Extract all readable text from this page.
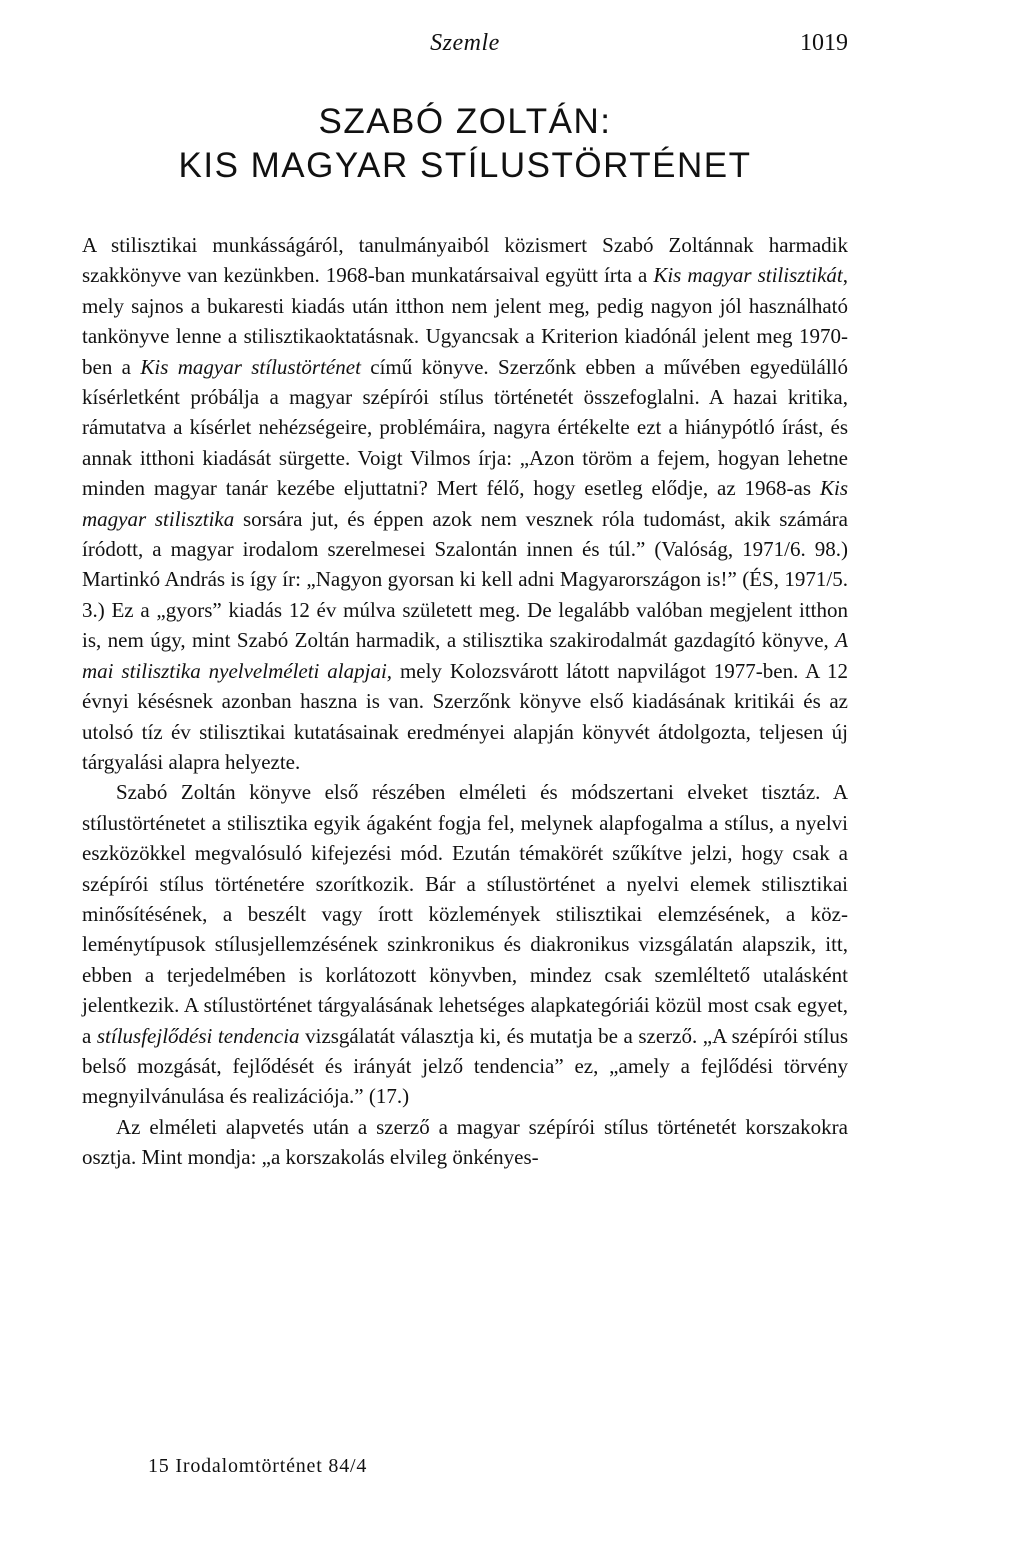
Szemle	1019
SZABÓ ZOLTÁN:
KIS MAGYAR STÍLUSTÖRTÉNET

A stilisztikai munkásságáról, tanulmányaiból közismert Szabó Zoltánnak harmadik szakkönyve van kezünkben. 1968-ban munkatársaival együtt írta a Kis magyar stilisztikát, mely sajnos a bukaresti kiadás után itthon nem jelent meg, pedig nagyon jól használható tankönyve lenne a stilisztikaoktatásnak. Ugyancsak a Kriterion kiadónál jelent meg 1970ben a Kis magyar stílustörténet című könyve. Szerzőnk ebben a művében egyedülálló kísérletként próbálja a magyar szépírói stílus történetét összefoglalni. A hazai kritika, rámutatva a kísérlet nehézségeire, problémáira, nagyra értékelte ezt a hiánypótló írást, és annak itthoni kiadását sürgette. Voigt Vilmos írja: „Azon töröm a fejem, hogyan lehetne minden magyar tanár kezébe eljuttatni? Mert félő, hogy esetleg elődje, az 1968-as Kis magyar stilisztika sorsára jut, és éppen azok nem vesznek róla tudomást, akik számára íródott, a magyar irodalom szerelmesei Szalontán innen és túl.” (Valóság, 1971/6. 98.) Martinkó András is így ír: „Nagyon gyorsan ki kell adni Magyarországon is!” (ÉS, 1971/5. 3.) Ez a „gyors” kiadás 12 év múlva született meg. De legalább valóban megjelent itthon is, nem úgy, mint Szabó Zoltán harmadik, a stilisztika szakirodalmát gazdagító könyve, A mai stilisztika nyelvelméleti alapjai, mely Kolozsvárott látott napvilágot 1977-ben. A 12 évnyi késésnek azonban haszna is van. Szerzőnk könyve első kiadásának kritikái és az utolsó tíz év stilisztikai kutatásainak eredményei alapján könyvét átdolgozta, teljesen új tárgyalási alapra helyezte.

Szabó Zoltán könyve első részében elméleti és módszertani elveket tisztáz. A stílustörténetet a stilisztika egyik ágaként fogja fel, melynek alapfogalma a stílus, a nyelvi eszközökkel megvalósuló kifejezési mód. Ezután témakörét szűkítve jelzi, hogy csak a szépírói stílus történetére szorítkozik. Bár a stílustörténet a nyelvi elemek stilisztikai minősítésének, a beszélt vagy írott közlemények stilisztikai elemzésének, a közleménytípusok stílusjellemzésének szinkronikus és diakronikus vizsgálatán alapszik, itt, ebben a terjedelmében is korlátozott könyvben, mindez csak szemléltető utalásként jelentkezik. A stílustörténet tárgyalásának lehetséges alapkategóriái közül most csak egyet, a stílusfejlődési tendencia vizsgálatát választja ki, és mutatja be a szerző. „A szépírói stílus belső mozgását, fejlődését és irányát jelző tendencia” ez, „amely a fejlődési törvény megnyilvánulása és realizációja.” (17.)

Az elméleti alapvetés után a szerző a magyar szépírói stílus történetét korszakokra osztja. Mint mondja: „a korszakolás elvileg önkényes-

15 Irodalomtörténet 84/4
